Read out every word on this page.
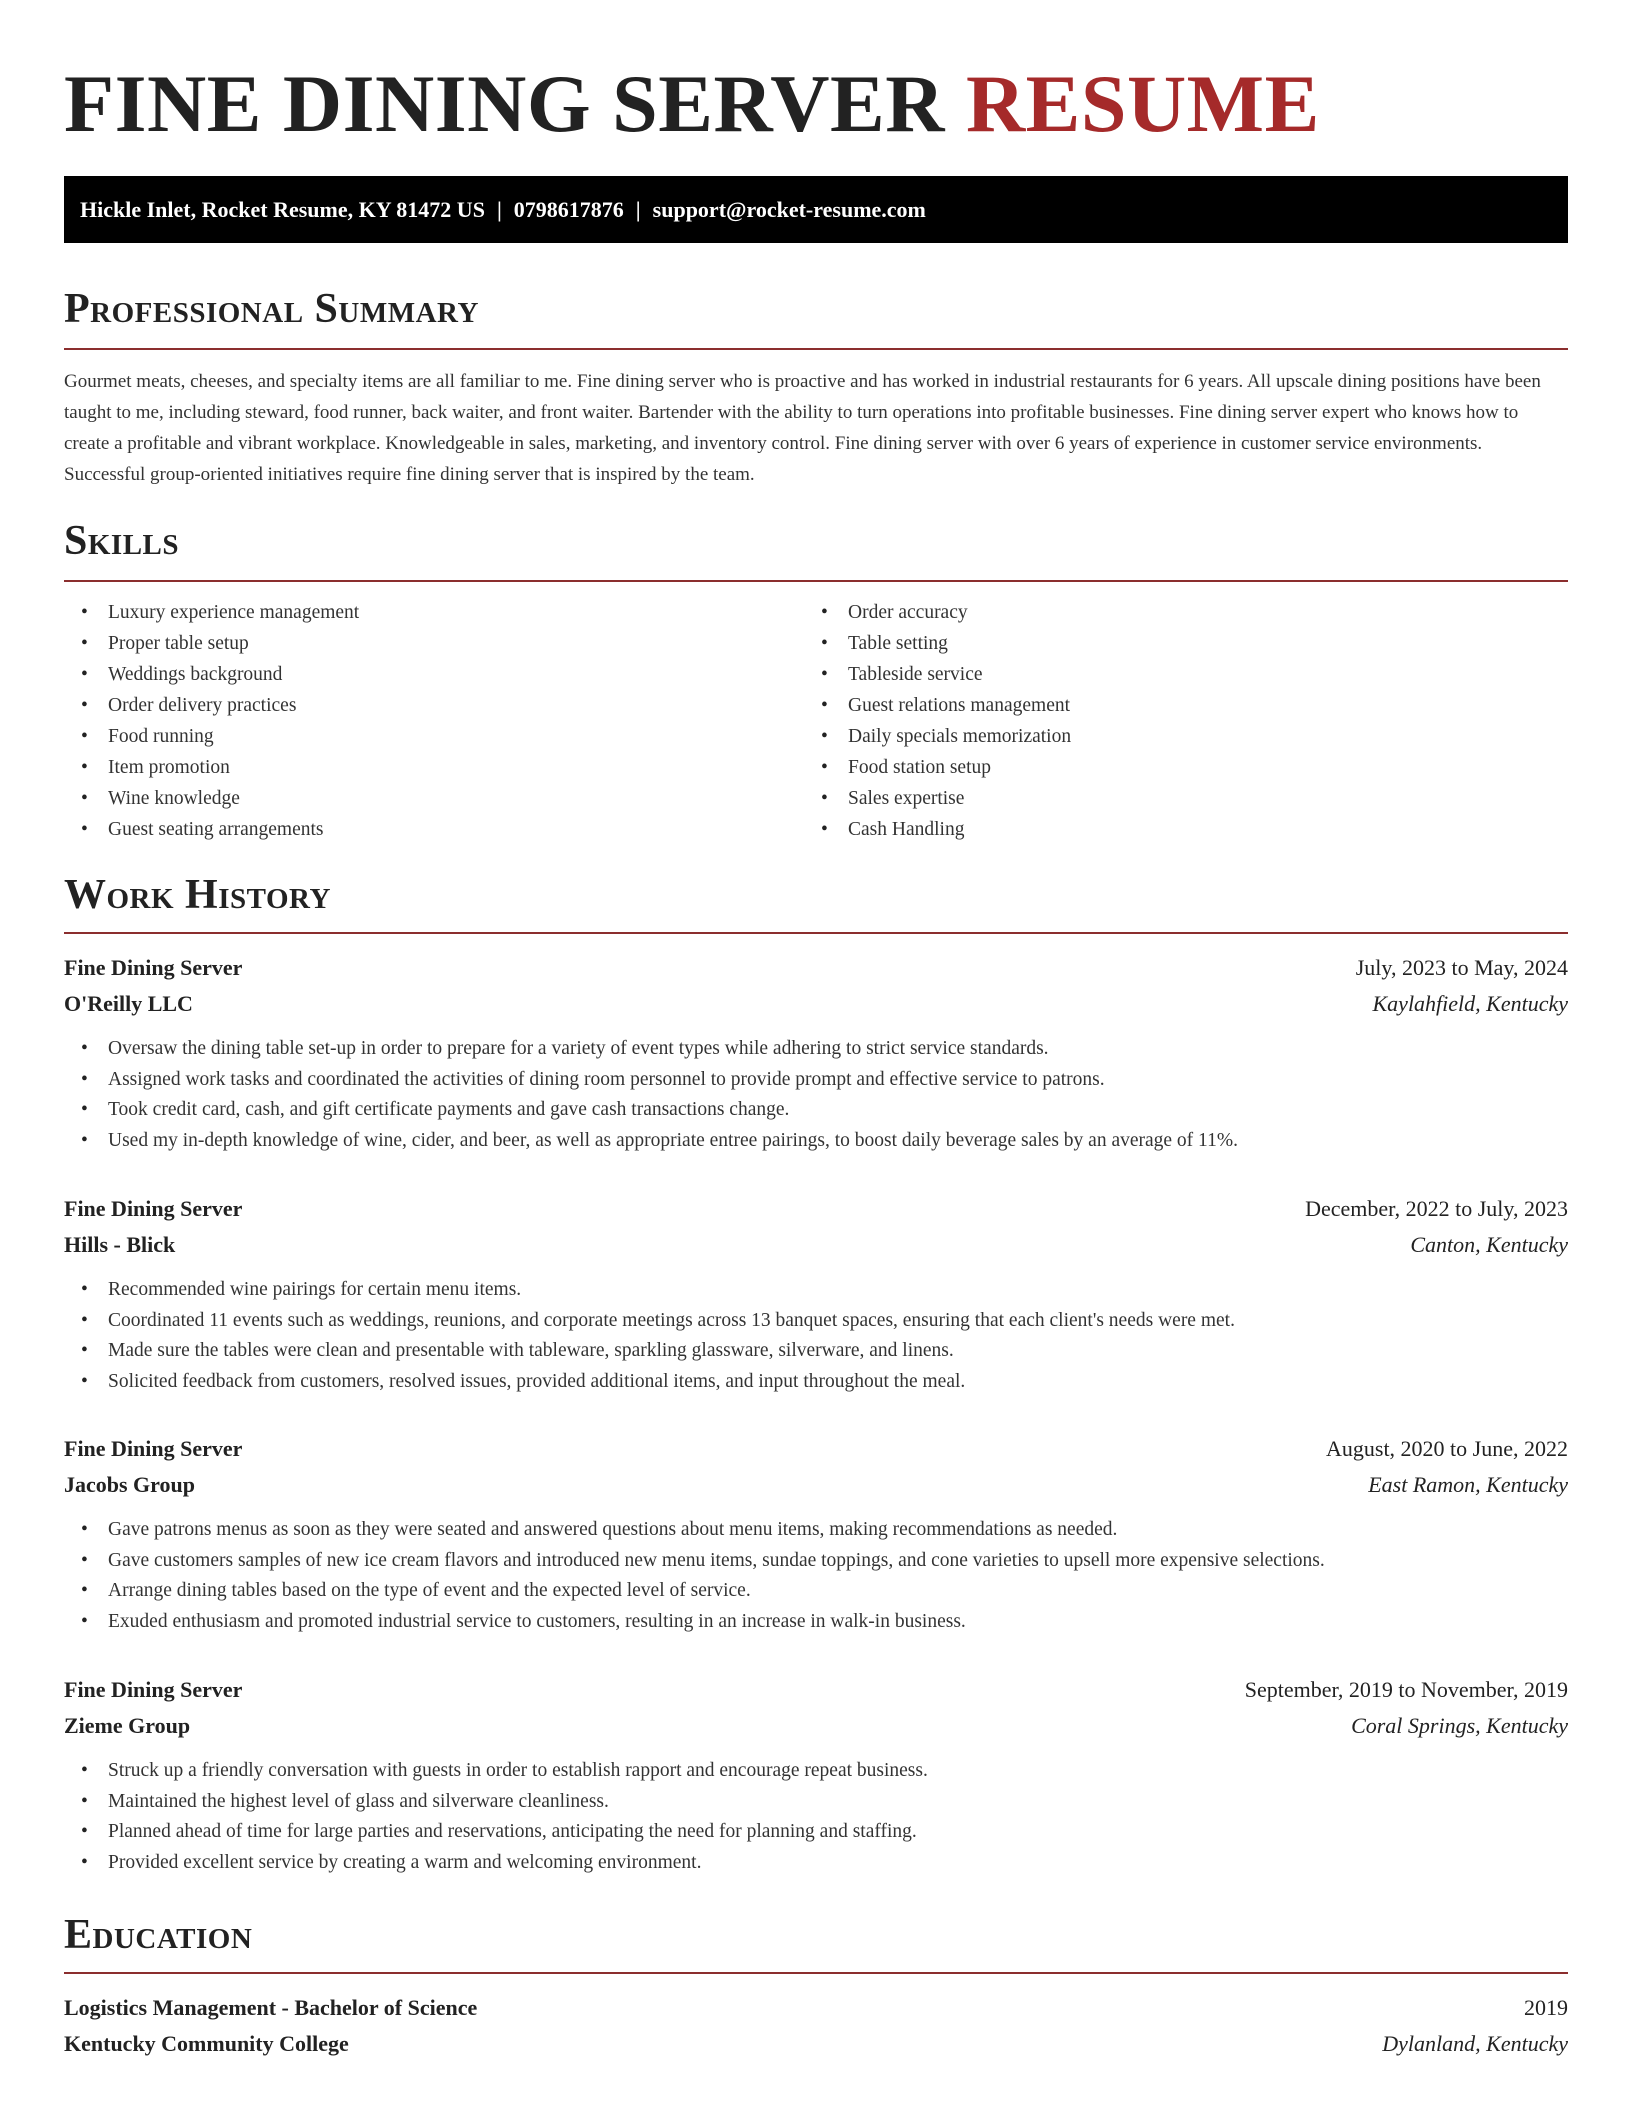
FINE DINING SERVER RESUME
Hickle Inlet, Rocket Resume, KY 81472 US | 0798617876 | support@rocket-resume.com
Professional Summary

Gourmet meats, cheeses, and specialty items are all familiar to me. Fine dining server who is proactive and has worked in industrial restaurants for 6 years. All upscale dining positions have been taught to me, including steward, food runner, back waiter, and front waiter. Bartender with the ability to turn operations into profitable businesses. Fine dining server expert who knows how to create a profitable and vibrant workplace. Knowledgeable in sales, marketing, and inventory control. Fine dining server with over 6 years of experience in customer service environments. Successful group-oriented initiatives require fine dining server that is inspired by the team.

Skills
• Luxury experience management
• Proper table setup
• Weddings background
• Order delivery practices
• Food running
• Item promotion
• Wine knowledge
• Guest seating arrangements
• Order accuracy
• Table setting
• Tableside service
• Guest relations management
• Daily specials memorization
• Food station setup
• Sales expertise
• Cash Handling
Work History
Fine Dining Server	July, 2023 to May, 2024
O'Reilly LLC	Kaylahfield, Kentucky
• Oversaw the dining table set-up in order to prepare for a variety of event types while adhering to strict service standards.
• Assigned work tasks and coordinated the activities of dining room personnel to provide prompt and effective service to patrons.
• Took credit card, cash, and gift certificate payments and gave cash transactions change.
• Used my in-depth knowledge of wine, cider, and beer, as well as appropriate entree pairings, to boost daily beverage sales by an average of 11%.
Fine Dining Server	December, 2022 to July, 2023
Hills - Blick	Canton, Kentucky
• Recommended wine pairings for certain menu items.
• Coordinated 11 events such as weddings, reunions, and corporate meetings across 13 banquet spaces, ensuring that each client's needs were met.
• Made sure the tables were clean and presentable with tableware, sparkling glassware, silverware, and linens.
• Solicited feedback from customers, resolved issues, provided additional items, and input throughout the meal.
Fine Dining Server	August, 2020 to June, 2022
Jacobs Group	East Ramon, Kentucky
• Gave patrons menus as soon as they were seated and answered questions about menu items, making recommendations as needed.
• Gave customers samples of new ice cream flavors and introduced new menu items, sundae toppings, and cone varieties to upsell more expensive selections.
• Arrange dining tables based on the type of event and the expected level of service.
• Exuded enthusiasm and promoted industrial service to customers, resulting in an increase in walk-in business.
Fine Dining Server	September, 2019 to November, 2019
Zieme Group	Coral Springs, Kentucky
• Struck up a friendly conversation with guests in order to establish rapport and encourage repeat business.
• Maintained the highest level of glass and silverware cleanliness.
• Planned ahead of time for large parties and reservations, anticipating the need for planning and staffing.
• Provided excellent service by creating a warm and welcoming environment.
Education
Logistics Management - Bachelor of Science	2019
Kentucky Community College	Dylanland, Kentucky
